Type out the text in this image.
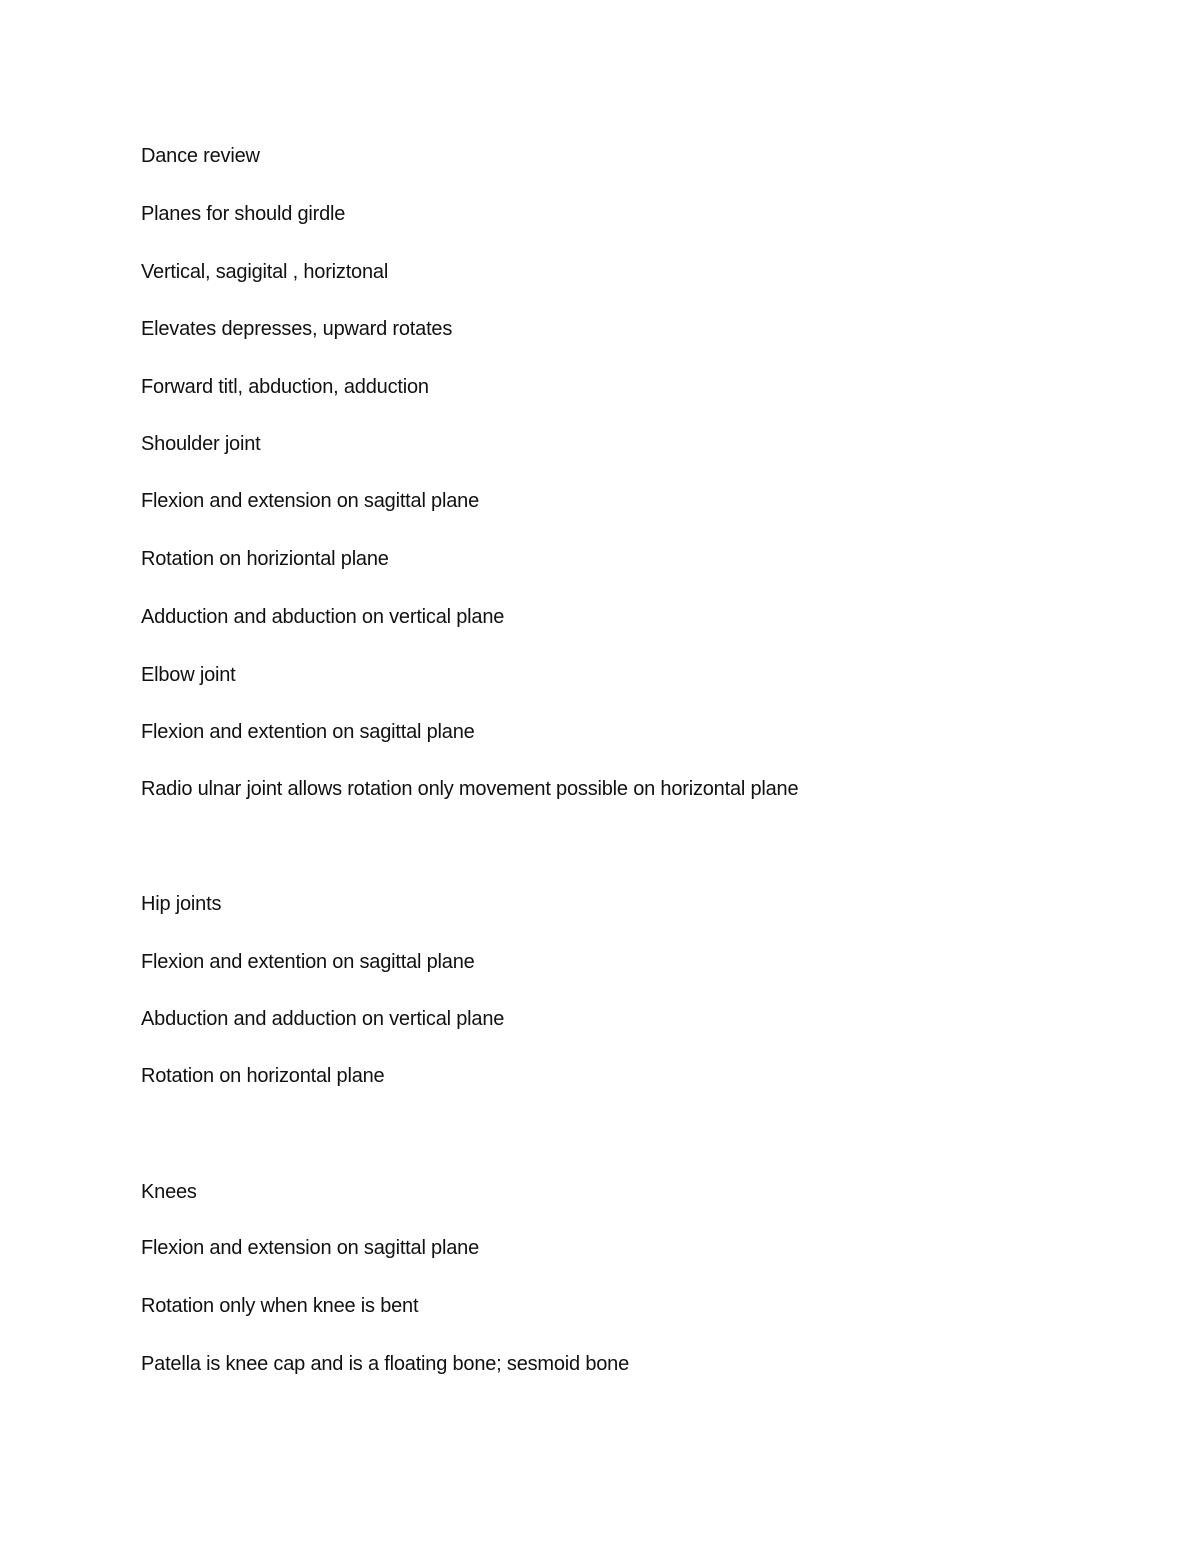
Dance review
Planes for should girdle
Vertical, sagigital , horiztonal
Elevates depresses, upward rotates
Forward titl, abduction, adduction
Shoulder joint
Flexion and extension on sagittal plane
Rotation on horiziontal plane
Adduction and abduction on vertical plane
Elbow joint
Flexion and extention on sagittal plane
Radio ulnar joint allows rotation only movement possible on horizontal plane
Hip joints
Flexion and extention on sagittal plane
Abduction and adduction on vertical plane
Rotation on horizontal plane
Knees
Flexion and extension on sagittal plane
Rotation only when knee is bent
Patella is knee cap and is a floating bone; sesmoid bone
